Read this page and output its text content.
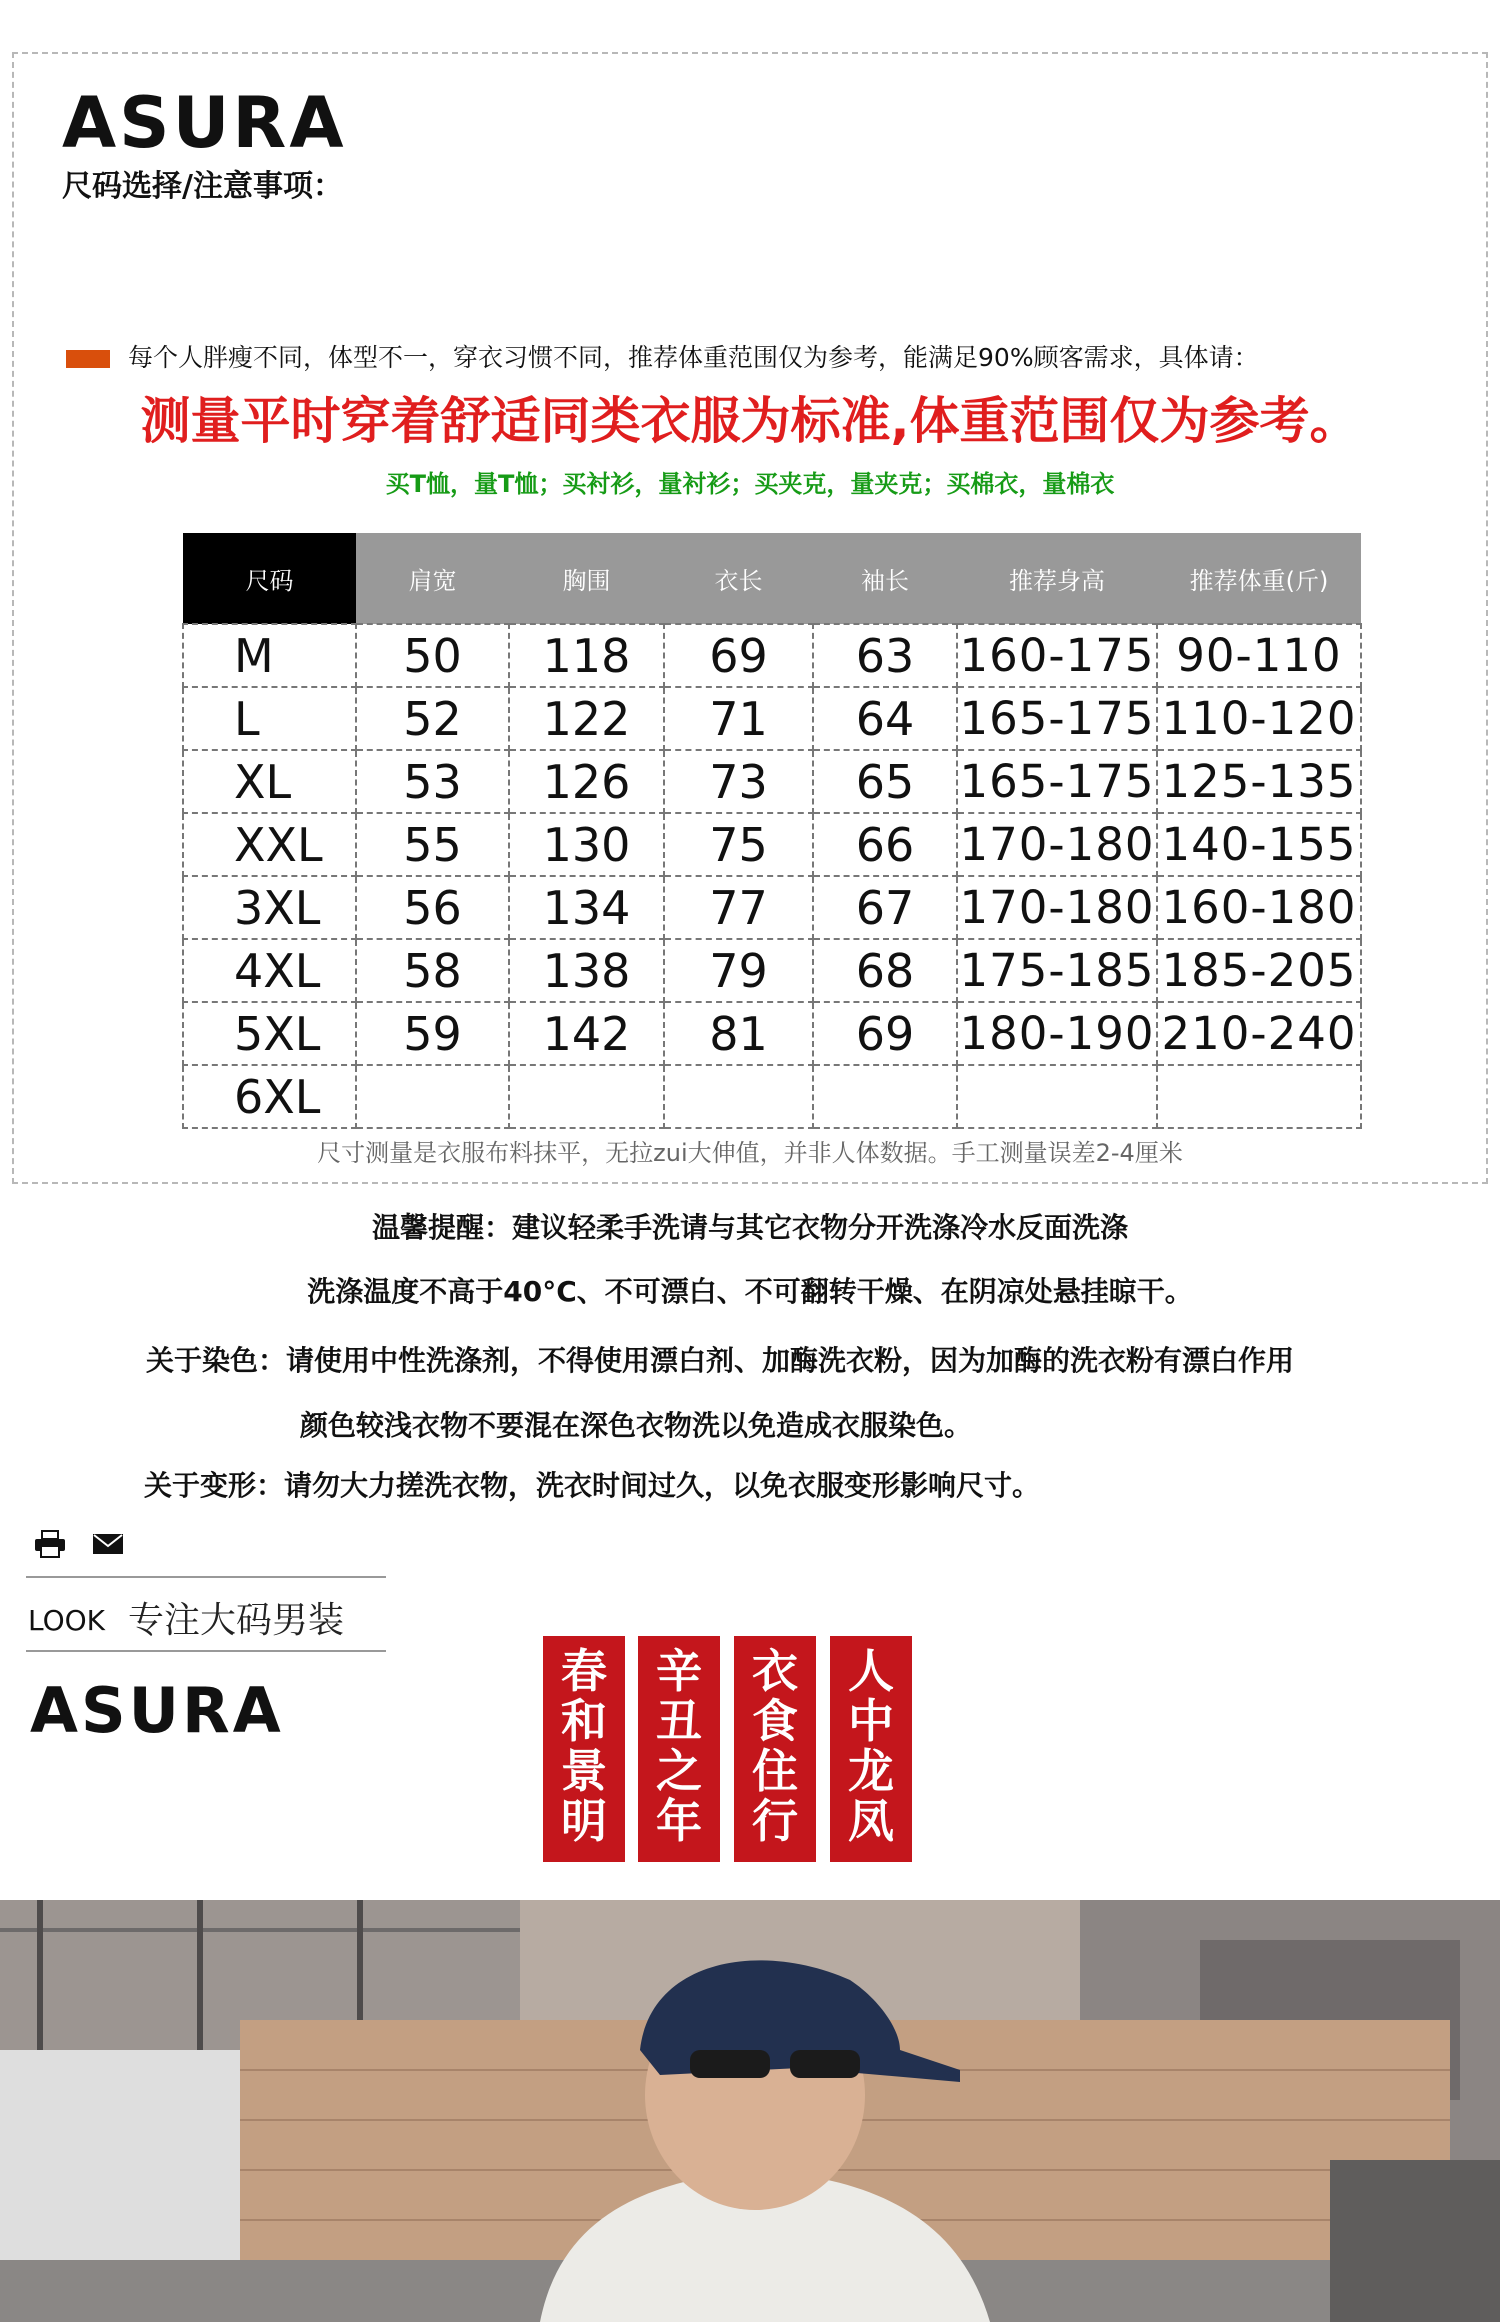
ASURA
尺码选择/注意事项：
每个人胖瘦不同，体型不一，穿衣习惯不同，推荐体重范围仅为参考，能满足90%顾客需求，具体请：
测量平时穿着舒适同类衣服为标准,体重范围仅为参考。
买T恤，量T恤；买衬衫，量衬衫；买夹克，量夹克；买棉衣，量棉衣
尺码	肩宽	胸围	衣长	袖长	推荐身高	推荐体重(斤)
M	50	118	69	63	160-175	90-110
L	52	122	71	64	165-175	110-120
XL	53	126	73	65	165-175	125-135
XXL	55	130	75	66	170-180	140-155
3XL	56	134	77	67	170-180	160-180
4XL	58	138	79	68	175-185	185-205
5XL	59	142	81	69	180-190	210-240
6XL						
尺寸测量是衣服布料抹平，无拉zui大伸值，并非人体数据。手工测量误差2-4厘米
温馨提醒：建议轻柔手洗请与其它衣物分开洗涤冷水反面洗涤
洗涤温度不高于40°C、不可漂白、不可翻转干燥、在阴凉处悬挂晾干。
关于染色：请使用中性洗涤剂，不得使用漂白剂、加酶洗衣粉，因为加酶的洗衣粉有漂白作用
颜色较浅衣物不要混在深色衣物洗以免造成衣服染色。
关于变形：请勿大力搓洗衣物，洗衣时间过久，以免衣服变形影响尺寸。
LOOK 专注大码男装
ASURA
春和景明
辛丑之年
衣食住行
人中龙凤
